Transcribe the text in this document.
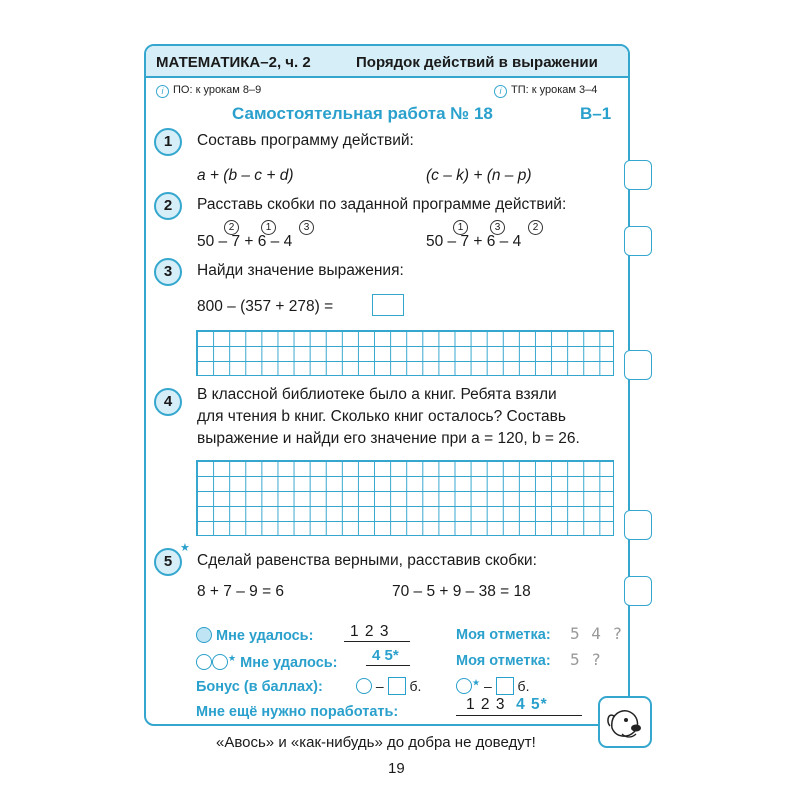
МАТЕМАТИКА–2, ч. 2	Порядок действий в выражении
i ПО: к урокам 8–9	i ТП: к урокам 3–4
Самостоятельная работа № 18	В–1
1	Составь программу действий:
a + (b – c + d)	(c – k) + (n – p)
2	Расставь скобки по заданной программе действий:
2	1	3
50 – 7 + 6 – 4
1	3	2
50 – 7 + 6 – 4
3	Найди значение выражения:
800 – (357 + 278) =
4	В классной библиотеке было a книг. Ребята взяли
для чтения b книг. Сколько книг осталось? Составь
выражение и найди его значение при a = 120, b = 26.
5
★
Сделай равенства верными, расставив скобки:
8 + 7 – 9 = 6	70 – 5 + 9 – 38 = 18
Мне удалось: 1 2 3	Моя отметка: 5 4 ?
★ Мне удалось: 4 5*	Моя отметка: 5 ?
Бонус (в баллах):	– б.	★ – б.
Мне ещё нужно поработать:	1 2 3 4 5*
«Авось» и «как-нибудь» до добра не доведут!
19
